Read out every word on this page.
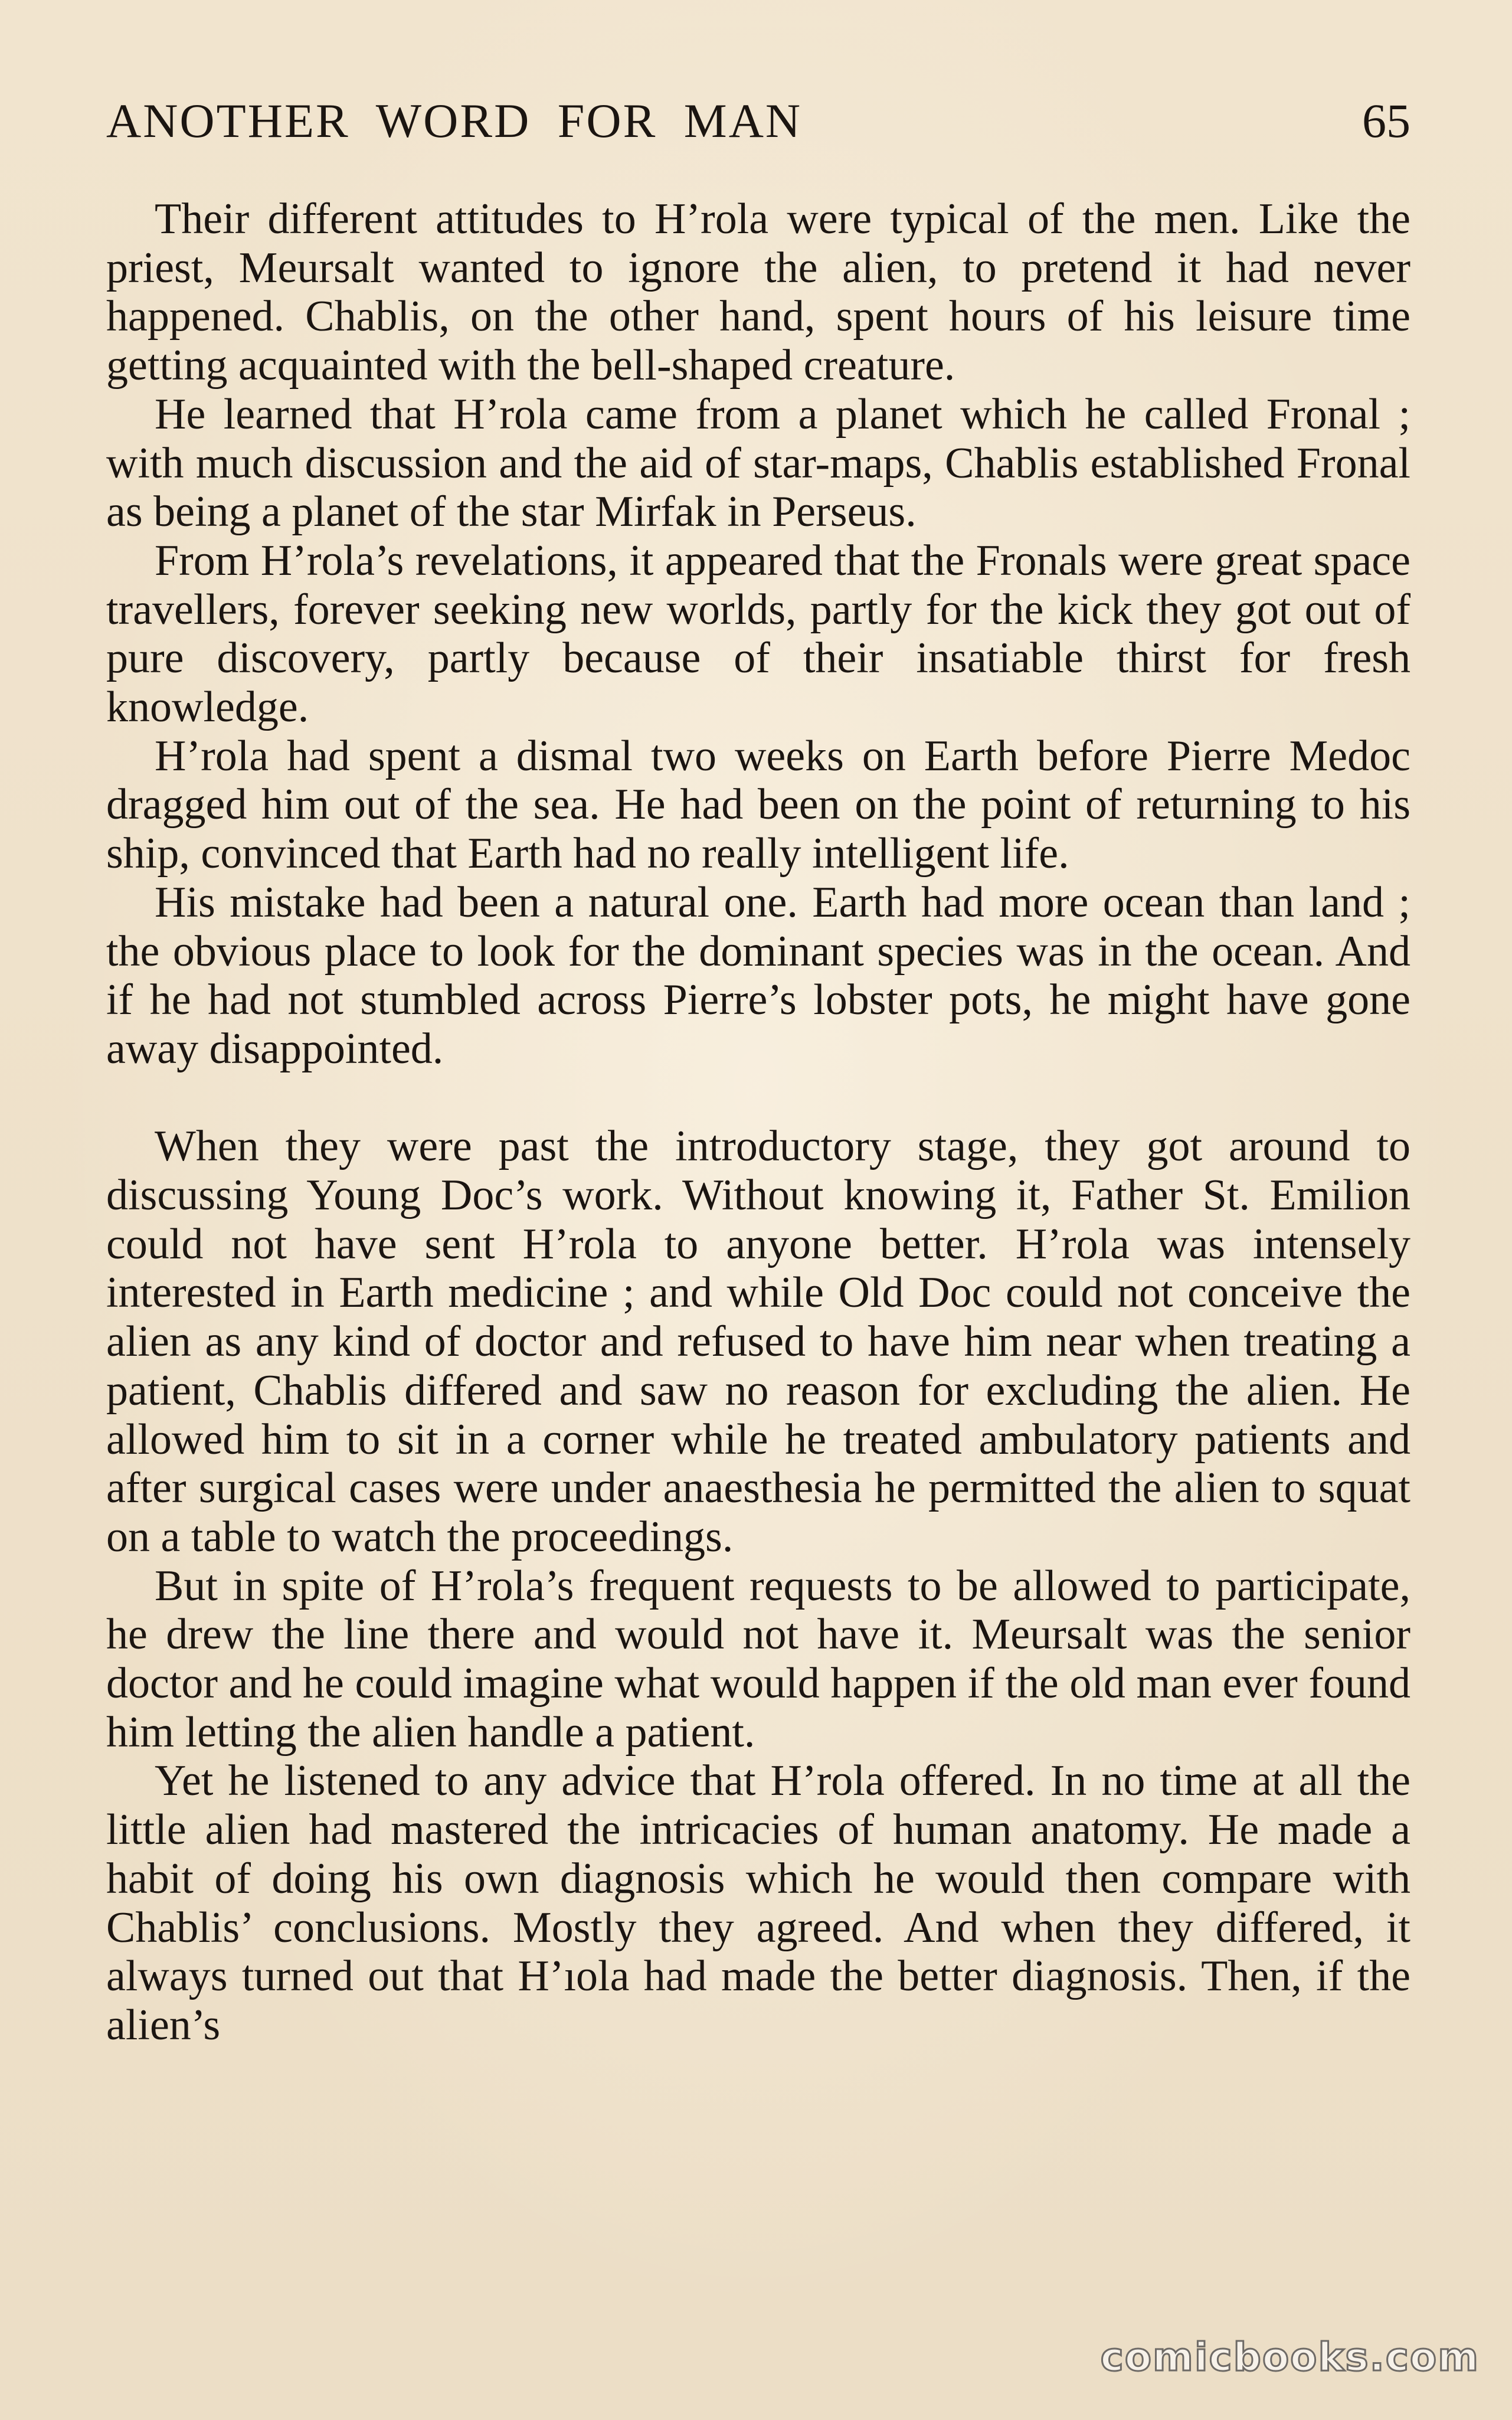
ANOTHER WORD FOR MAN	65

Their different attitudes to H’rola were typical of the men. Like the priest, Meursalt wanted to ignore the alien, to pretend it had never happened. Chablis, on the other hand, spent hours of his leisure time getting acquainted with the bell-shaped creature.

He learned that H’rola came from a planet which he called Fronal ; with much discussion and the aid of star-maps, Chablis established Fronal as being a planet of the star Mirfak in Perseus.

From H’rola’s revelations, it appeared that the Fronals were great space travellers, forever seeking new worlds, partly for the kick they got out of pure discovery, partly because of their insatiable thirst for fresh knowledge.

H’rola had spent a dismal two weeks on Earth before Pierre Medoc dragged him out of the sea. He had been on the point of returning to his ship, convinced that Earth had no really intelligent life.

His mistake had been a natural one. Earth had more ocean than land ; the obvious place to look for the dominant species was in the ocean. And if he had not stumbled across Pierre’s lobster pots, he might have gone away disappointed.

When they were past the introductory stage, they got around to discussing Young Doc’s work. Without knowing it, Father St. Emilion could not have sent H’rola to anyone better. H’rola was intensely interested in Earth medicine ; and while Old Doc could not conceive the alien as any kind of doctor and refused to have him near when treating a patient, Chablis differed and saw no reason for excluding the alien. He allowed him to sit in a corner while he treated ambulatory patients and after surgical cases were under anaesthesia he permitted the alien to squat on a table to watch the proceedings.

But in spite of H’rola’s frequent requests to be allowed to participate, he drew the line there and would not have it. Meursalt was the senior doctor and he could imagine what would happen if the old man ever found him letting the alien handle a patient.

Yet he listened to any advice that H’rola offered. In no time at all the little alien had mastered the intricacies of human anatomy. He made a habit of doing his own diagnosis which he would then compare with Chablis’ conclusions. Mostly they agreed. And when they differed, it always turned out that H’ıola had made the better diagnosis. Then, if the alien’s

comicbooks.com
